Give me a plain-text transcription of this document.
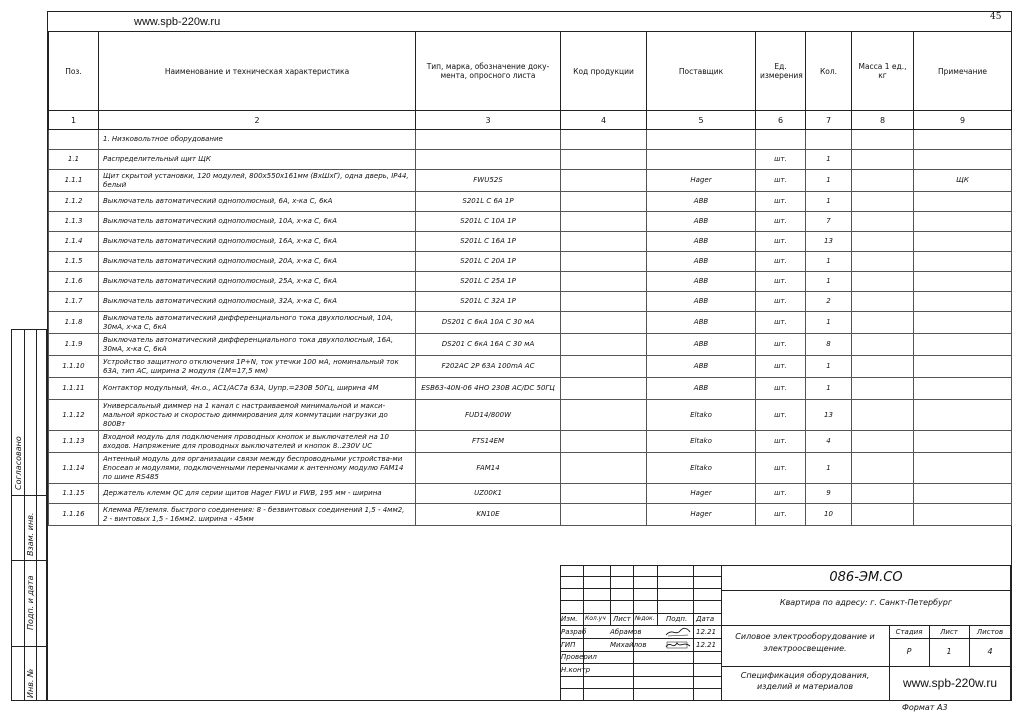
www.spb-220w.ru	45
Поз.	Наименование и техническая характеристика	Тип, марка, обозначение доку-мента, опросного листа	Код продукции	Поставщик	Ед. измерения	Кол.	Масса 1 ед., кг	Примечание
1	2	3	4	5	6	7	8	9
	1. Низковольтное оборудование							
1.1	Распределительный щит ЩК				шт.	1		
1.1.1	Щит скрытой установки, 120 модулей, 800х550х161мм (ВхШхГ), одна дверь, IP44, белый	FWU52S		Hager	шт.	1		ЩК
1.1.2	Выключатель автоматический однополюсный, 6А, х-ка С, 6кА	S201L C 6A 1P		ABB	шт.	1		
1.1.3	Выключатель автоматический однополюсный, 10А, х-ка С, 6кА	S201L C 10A 1P		ABB	шт.	7		
1.1.4	Выключатель автоматический однополюсный, 16А, х-ка С, 6кА	S201L C 16A 1P		ABB	шт.	13		
1.1.5	Выключатель автоматический однополюсный, 20А, х-ка С, 6кА	S201L C 20A 1P		ABB	шт.	1		
1.1.6	Выключатель автоматический однополюсный, 25А, х-ка С, 6кА	S201L C 25A 1P		ABB	шт.	1		
1.1.7	Выключатель автоматический однополюсный, 32А, х-ка С, 6кА	S201L C 32A 1P		ABB	шт.	2		
1.1.8	Выключатель автоматический дифференциального тока двухполюсный, 10А, 30мА, х-ка С, 6кА	DS201 C 6кА 10А С 30 мА		ABB	шт.	1		
1.1.9	Выключатель автоматический дифференциального тока двухполюсный, 16А, 30мА, х-ка С, 6кА	DS201 C 6кА 16А С 30 мА		ABB	шт.	8		
1.1.10	Устройство защитного отключения 1P+N, ток утечки 100 мА, номинальный ток 63А, тип АС, ширина 2 модуля (1М=17,5 мм)	F202AC 2P 63A 100mA AC		ABB	шт.	1		
1.1.11	Контактор модульный, 4н.о., АС1/АС7а 63А, Uупр.=230В 50Гц, ширина 4М	ESB63-40N-06 4НО 230В АС/DC 50ГЦ		ABB	шт.	1		
1.1.12	Универсальный диммер на 1 канал с настраиваемой минимальной и макси-мальной яркостью и скоростью диммирования для коммутации нагрузки до 800Вт	FUD14/800W		Eltako	шт.	13		
1.1.13	Входной модуль для подключения проводных кнопок и выключателей на 10 входов. Напряжение для проводных выключателей и кнопок 8..230V UC	FTS14EM		Eltako	шт.	4		
1.1.14	Антенный модуль для организации связи между беспроводными устройства-ми Enocean и модулями, подключенными перемычками к антенному модулю FAM14 по шине RS485	FAM14		Eltako	шт.	1		
1.1.15	Держатель клемм QC для серии щитов Hager FWU и FWB, 195 мм - ширина	UZ00K1		Hager	шт.	9		
1.1.16	Клемма PE/земля. быстрого соединения: 8 - безвинтовых соединений 1,5 - 4мм2, 2 - винтовых 1,5 - 16мм2. ширина - 45мм	KN10E		Hager	шт.	10		
Согласовано
Взам. инв.
Подп. и дата
Инв. №
Изм. Кол.уч Лист №док. Подп. Дата
Разраб	Абрамов	12.21
ГИП	Михайлов	12.21
Проверил
Н.контр
086-ЭМ.СО
Квартира по адресу: г. Санкт-Петербург
Силовое электрооборудование и электроосвещение.
Стадия	Лист	Листов
Р	1	4
Спецификация оборудования, изделий и материалов	www.spb-220w.ru
Формат А3
